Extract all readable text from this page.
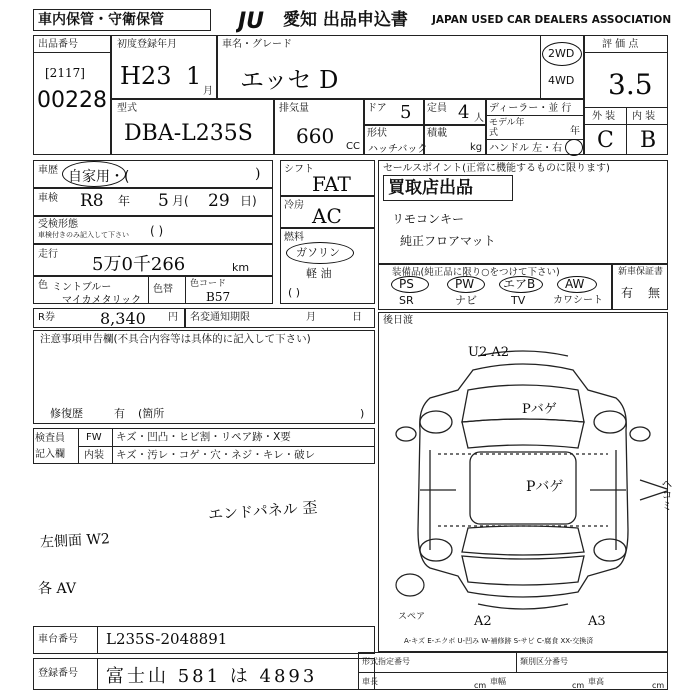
車内保管・守衛保管	JU 愛知 出品申込書 JAPAN USED CAR DEALERS ASSOCIATION
出品番号
[2117]
00228
初度登録年月
H23 1
月
車名・グレード
エッセ D
2WD
4WD
評 価 点
3.5
外 装 内 装
C B
型式
DBA-L235S
排気量
660 CC
ドア 5 定員 4 人
形状
ハッチバック
積載
kg
ディーラー・並 行
モデル年式	年
ハンドル 左・右
車歴 自家用・(	)
車検 R8 年 5 月( 29 日)
受検形態
車検付きのみ記入して下さい ( )
走行 5万0千266	km
色 ミントブルー
マイカメタリック
色替 色コード
B57
シフト
FAT
冷房 AC
燃料
ガソリン
軽 油
( )
セールスポイント(正常に機能するものに限ります)
買取店出品
リモコンキー
純正フロアマット
装備品(純正品に限り○をつけて下さい)
PS	PW エアB AW
SR	ナビ	TV	カワシート
新車保証書
有 無
R券	8,340 円 名変通知期限	月	日
注意事項申告欄(不具合内容等は具体的に記入して下さい)
修復歴	有 (箇所	)
検査員
記入欄
FW キズ・凹凸・ヒビ割・リペア跡・X要
内装 キズ・汚レ・コゲ・穴・ネジ・キレ・破レ
エンドパネル 歪
左側面 W2
各 AV
車台番号 L235S-2048891
登録番号 富士山 581 は 4893
後日渡
U2 A2
Pバゲ
Pバゲ	ヘコミ
A2	A3
スペア
A-キズ E-エクボ U-凹み W-補修跡 S-サビ C-腐食 XX-交換済
形式指定番号	類別区分番号
車長	cm 車幅	cm 車高	cm
